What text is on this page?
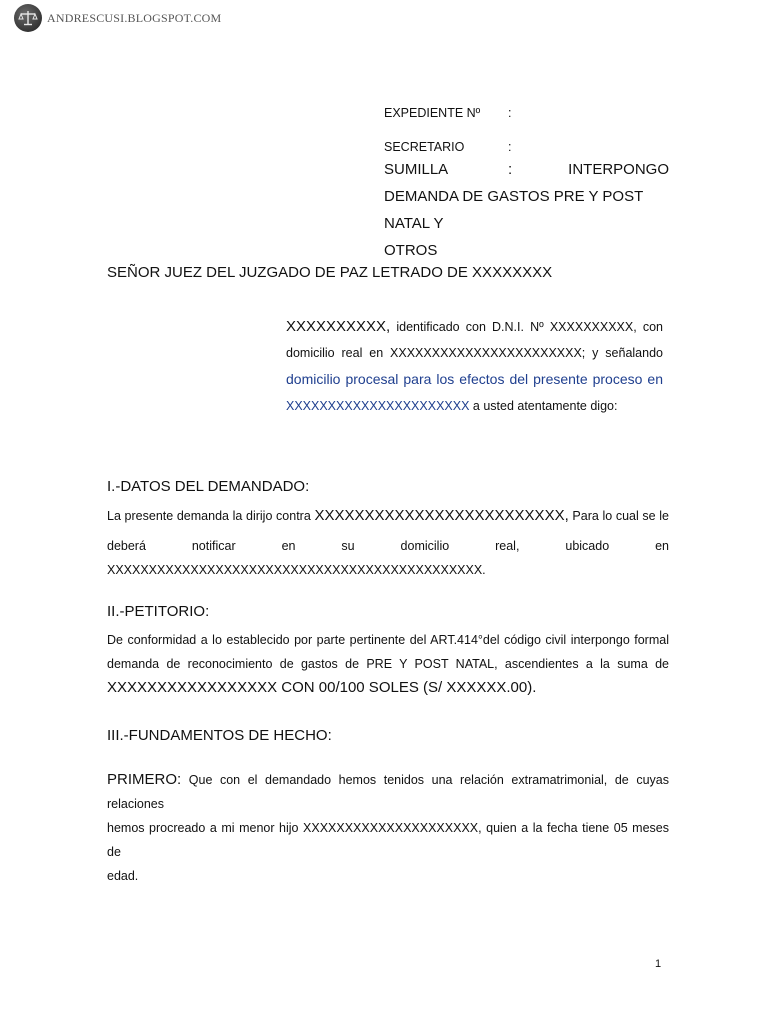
ANDRESCUSI.BLOGSPOT.COM
EXPEDIENTE Nº :
SECRETARIO	:
SUMILLA	:	INTERPONGO
DEMANDA DE GASTOS PRE Y POST NATAL Y
OTROS
SEÑOR JUEZ DEL JUZGADO DE PAZ LETRADO DE XXXXXXXX
XXXXXXXXXX, identificado con D.N.I. Nº XXXXXXXXXX, con
domicilio real en XXXXXXXXXXXXXXXXXXXXXXX; y señalando
domicilio procesal para los efectos del presente proceso en
XXXXXXXXXXXXXXXXXXXXXX a usted atentamente digo:
I.-DATOS DEL DEMANDADO:
La presente demanda la dirijo contra XXXXXXXXXXXXXXXXXXXXXXXXX, Para lo cual se le
deberá notificar en su domicilio real, ubicado en
XXXXXXXXXXXXXXXXXXXXXXXXXXXXXXXXXXXXXXXXXXXXX.
II.-PETITORIO:
De conformidad a lo establecido por parte pertinente del ART.414°del código civil interpongo formal
demanda de reconocimiento de gastos de PRE Y POST NATAL, ascendientes a la suma de
XXXXXXXXXXXXXXXXX CON 00/100 SOLES (S/ XXXXXX.00).
III.-FUNDAMENTOS DE HECHO:
PRIMERO: Que con el demandado hemos tenidos una relación extramatrimonial, de cuyas relaciones
hemos procreado a mi menor hijo XXXXXXXXXXXXXXXXXXXXX, quien a la fecha tiene 05 meses de
edad.
1
